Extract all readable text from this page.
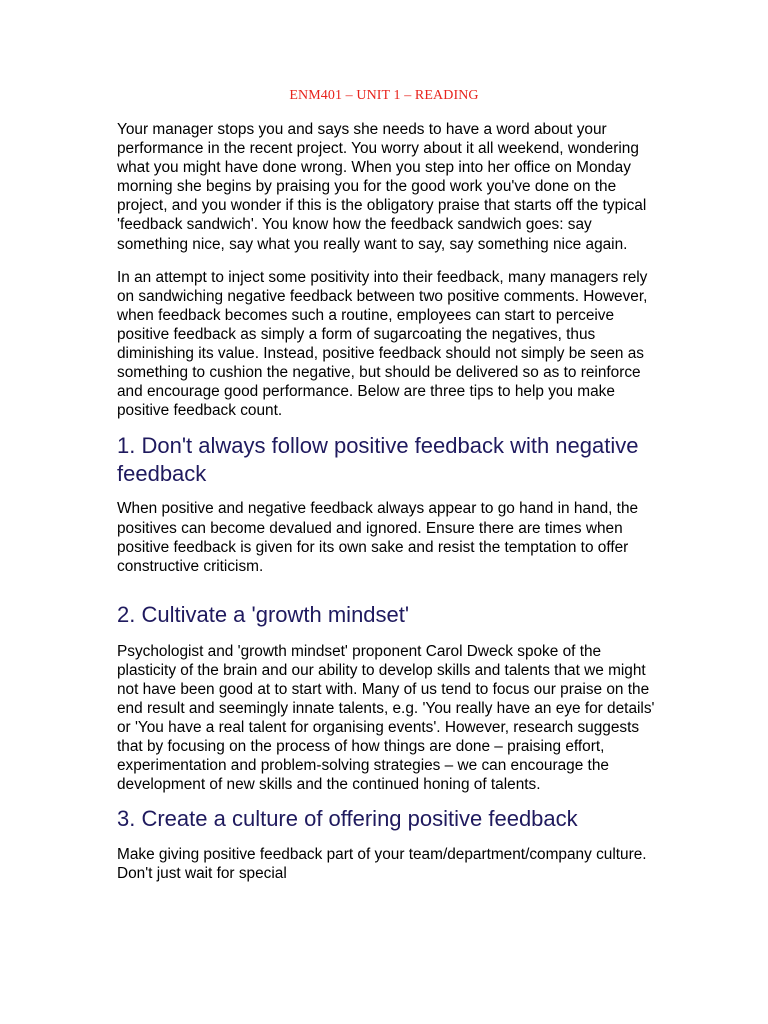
ENM401 – UNIT 1 – READING

Your manager stops you and says she needs to have a word about your performance in the recent project. You worry about it all weekend, wondering what you might have done wrong. When you step into her office on Monday morning she begins by praising you for the good work you've done on the project, and you wonder if this is the obligatory praise that starts off the typical 'feedback sandwich'. You know how the feedback sandwich goes: say something nice, say what you really want to say, say something nice again.

In an attempt to inject some positivity into their feedback, many managers rely on sandwiching negative feedback between two positive comments. However, when feedback becomes such a routine, employees can start to perceive positive feedback as simply a form of sugarcoating the negatives, thus diminishing its value. Instead, positive feedback should not simply be seen as something to cushion the negative, but should be delivered so as to reinforce and encourage good performance. Below are three tips to help you make positive feedback count.

1. Don't always follow positive feedback with negative feedback

When positive and negative feedback always appear to go hand in hand, the positives can become devalued and ignored. Ensure there are times when positive feedback is given for its own sake and resist the temptation to offer constructive criticism.

2. Cultivate a 'growth mindset'

Psychologist and 'growth mindset' proponent Carol Dweck spoke of the plasticity of the brain and our ability to develop skills and talents that we might not have been good at to start with. Many of us tend to focus our praise on the end result and seemingly innate talents, e.g. 'You really have an eye for details' or 'You have a real talent for organising events'. However, research suggests that by focusing on the process of how things are done – praising effort, experimentation and problem-solving strategies – we can encourage the development of new skills and the continued honing of talents.

3. Create a culture of offering positive feedback

Make giving positive feedback part of your team/department/company culture. Don't just wait for special
